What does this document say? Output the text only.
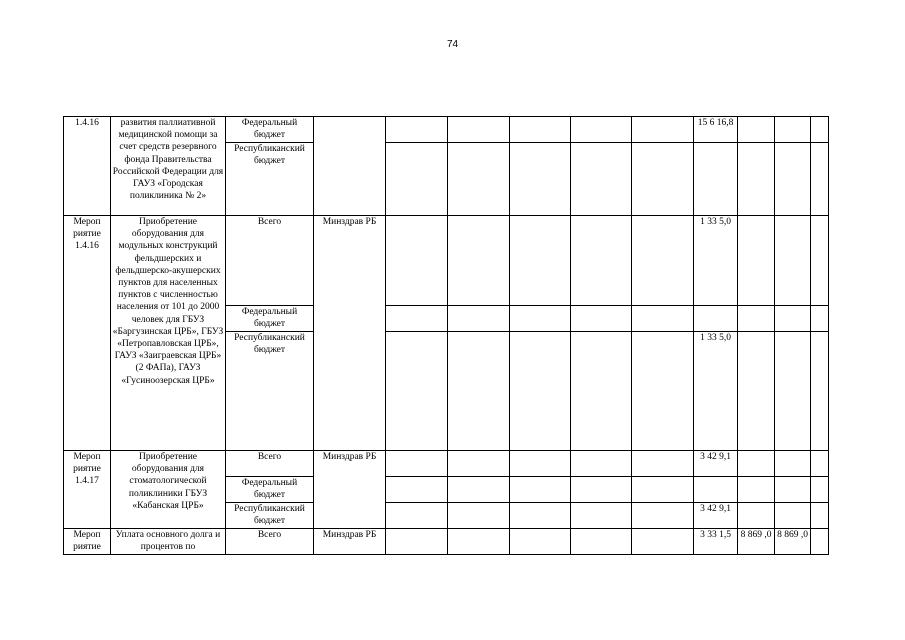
74
1.4.16	развития паллиативной медицинской помощи за счет средств резервного фонда Правительства Российской Федерации для ГАУЗ «Городская поликлиника № 2»	Федеральный бюджет							15 6 16,8			
		Республиканский бюджет										
Мероп риятие 1.4.16	Приобретение оборудования для модульных конструкций фельдшерских и фельдшерско-акушерских пунктов для населенных пунктов с численностью населения от 101 до 2000 человек для ГБУЗ «Баргузинская ЦРБ», ГБУЗ «Петропавловская ЦРБ», ГАУЗ «Заиграевская ЦРБ» (2 ФАПа), ГАУЗ «Гусиноозерская ЦРБ»	Всего	Минздрав РБ						1 33 5,0			
		Федеральный бюджет										
		Республиканский бюджет							1 33 5,0			
Мероп риятие 1.4.17	Приобретение оборудования для стоматологической поликлиники ГБУЗ «Кабанская ЦРБ»	Всего	Минздрав РБ						3 42 9,1			
		Федеральный бюджет										
		Республиканский бюджет							3 42 9,1			
Мероп риятие	Уплата основного долга и процентов по	Всего	Минздрав РБ						3 33 1,5	8 869 ,0	8 869 ,0	
